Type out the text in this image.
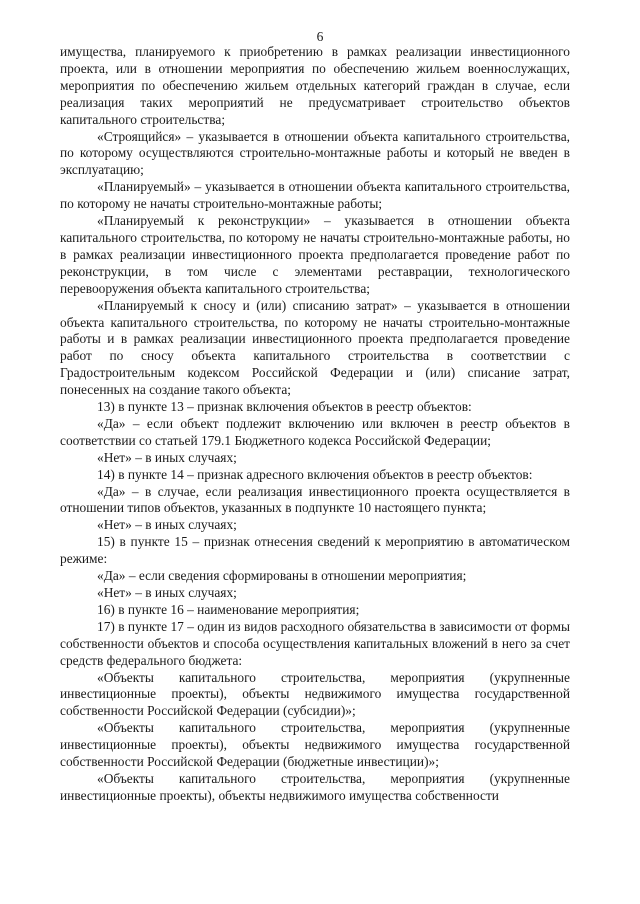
6

имущества, планируемого к приобретению в рамках реализации инвестиционного проекта, или в отношении мероприятия по обеспечению жильем военнослужащих, мероприятия по обеспечению жильем отдельных категорий граждан в случае, если реализация таких мероприятий не предусматривает строительство объектов капитального строительства;

«Строящийся» – указывается в отношении объекта капитального строительства, по которому осуществляются строительно-монтажные работы и который не введен в эксплуатацию;

«Планируемый» – указывается в отношении объекта капитального строительства, по которому не начаты строительно-монтажные работы;

«Планируемый к реконструкции» – указывается в отношении объекта капитального строительства, по которому не начаты строительно-монтажные работы, но в рамках реализации инвестиционного проекта предполагается проведение работ по реконструкции, в том числе с элементами реставрации, технологического перевооружения объекта капитального строительства;

«Планируемый к сносу и (или) списанию затрат» – указывается в отношении объекта капитального строительства, по которому не начаты строительно-монтажные работы и в рамках реализации инвестиционного проекта предполагается проведение работ по сносу объекта капитального строительства в соответствии с Градостроительным кодексом Российской Федерации и (или) списание затрат, понесенных на создание такого объекта;

13) в пункте 13 – признак включения объектов в реестр объектов:

«Да» – если объект подлежит включению или включен в реестр объектов в соответствии со статьей 179.1 Бюджетного кодекса Российской Федерации;

«Нет» – в иных случаях;

14) в пункте 14 – признак адресного включения объектов в реестр объектов:

«Да» – в случае, если реализация инвестиционного проекта осуществляется в отношении типов объектов, указанных в подпункте 10 настоящего пункта;

«Нет» – в иных случаях;

15) в пункте 15 – признак отнесения сведений к мероприятию в автоматическом режиме:

«Да» – если сведения сформированы в отношении мероприятия;

«Нет» – в иных случаях;

16) в пункте 16 – наименование мероприятия;

17) в пункте 17 – один из видов расходного обязательства в зависимости от формы собственности объектов и способа осуществления капитальных вложений в него за счет средств федерального бюджета:

«Объекты капитального строительства, мероприятия (укрупненные инвестиционные проекты), объекты недвижимого имущества государственной собственности Российской Федерации (субсидии)»;

«Объекты капитального строительства, мероприятия (укрупненные инвестиционные проекты), объекты недвижимого имущества государственной собственности Российской Федерации (бюджетные инвестиции)»;

«Объекты капитального строительства, мероприятия (укрупненные инвестиционные проекты), объекты недвижимого имущества собственности
